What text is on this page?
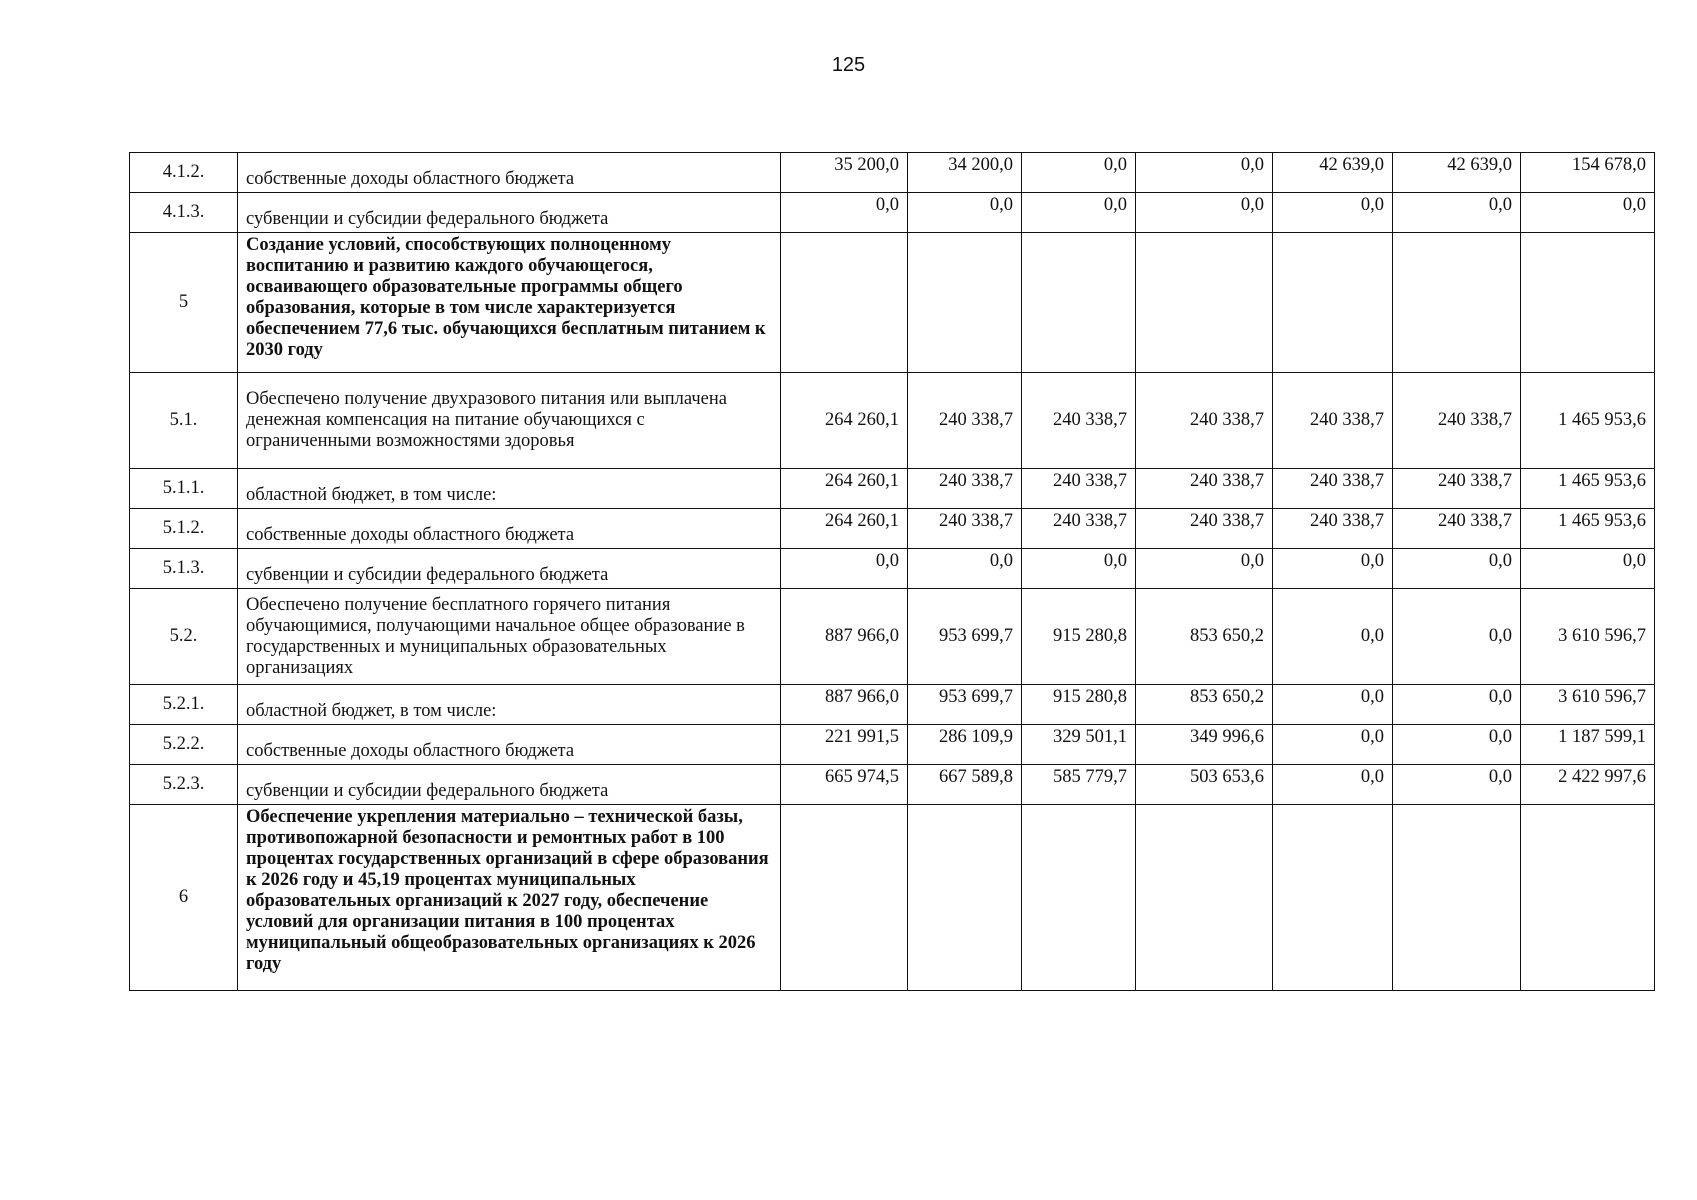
125
4.1.2.	собственные доходы областного бюджета	35 200,0	34 200,0	0,0	0,0	42 639,0	42 639,0	154 678,0
4.1.3.	субвенции и субсидии федерального бюджета	0,0	0,0	0,0	0,0	0,0	0,0	0,0
5	Создание условий, способствующих полноценному воспитанию и развитию каждого обучающегося, осваивающего образовательные программы общего образования, которые в том числе характеризуется обеспечением 77,6 тыс. обучающихся бесплатным питанием к 2030 году							
5.1.	Обеспечено получение двухразового питания или выплачена денежная компенсация на питание обучающихся с ограниченными возможностями здоровья	264 260,1	240 338,7	240 338,7	240 338,7	240 338,7	240 338,7	1 465 953,6
5.1.1.	областной бюджет, в том числе:	264 260,1	240 338,7	240 338,7	240 338,7	240 338,7	240 338,7	1 465 953,6
5.1.2.	собственные доходы областного бюджета	264 260,1	240 338,7	240 338,7	240 338,7	240 338,7	240 338,7	1 465 953,6
5.1.3.	субвенции и субсидии федерального бюджета	0,0	0,0	0,0	0,0	0,0	0,0	0,0
5.2.	Обеспечено получение бесплатного горячего питания обучающимися, получающими начальное общее образование в государственных и муниципальных образовательных организациях	887 966,0	953 699,7	915 280,8	853 650,2	0,0	0,0	3 610 596,7
5.2.1.	областной бюджет, в том числе:	887 966,0	953 699,7	915 280,8	853 650,2	0,0	0,0	3 610 596,7
5.2.2.	собственные доходы областного бюджета	221 991,5	286 109,9	329 501,1	349 996,6	0,0	0,0	1 187 599,1
5.2.3.	субвенции и субсидии федерального бюджета	665 974,5	667 589,8	585 779,7	503 653,6	0,0	0,0	2 422 997,6
6	Обеспечение укрепления материально – технической базы, противопожарной безопасности и ремонтных работ в 100 процентах государственных организаций в сфере образования к 2026 году и 45,19 процентах муниципальных образовательных организаций к 2027 году, обеспечение условий для организации питания в 100 процентах муниципальный общеобразовательных организациях к 2026 году							
